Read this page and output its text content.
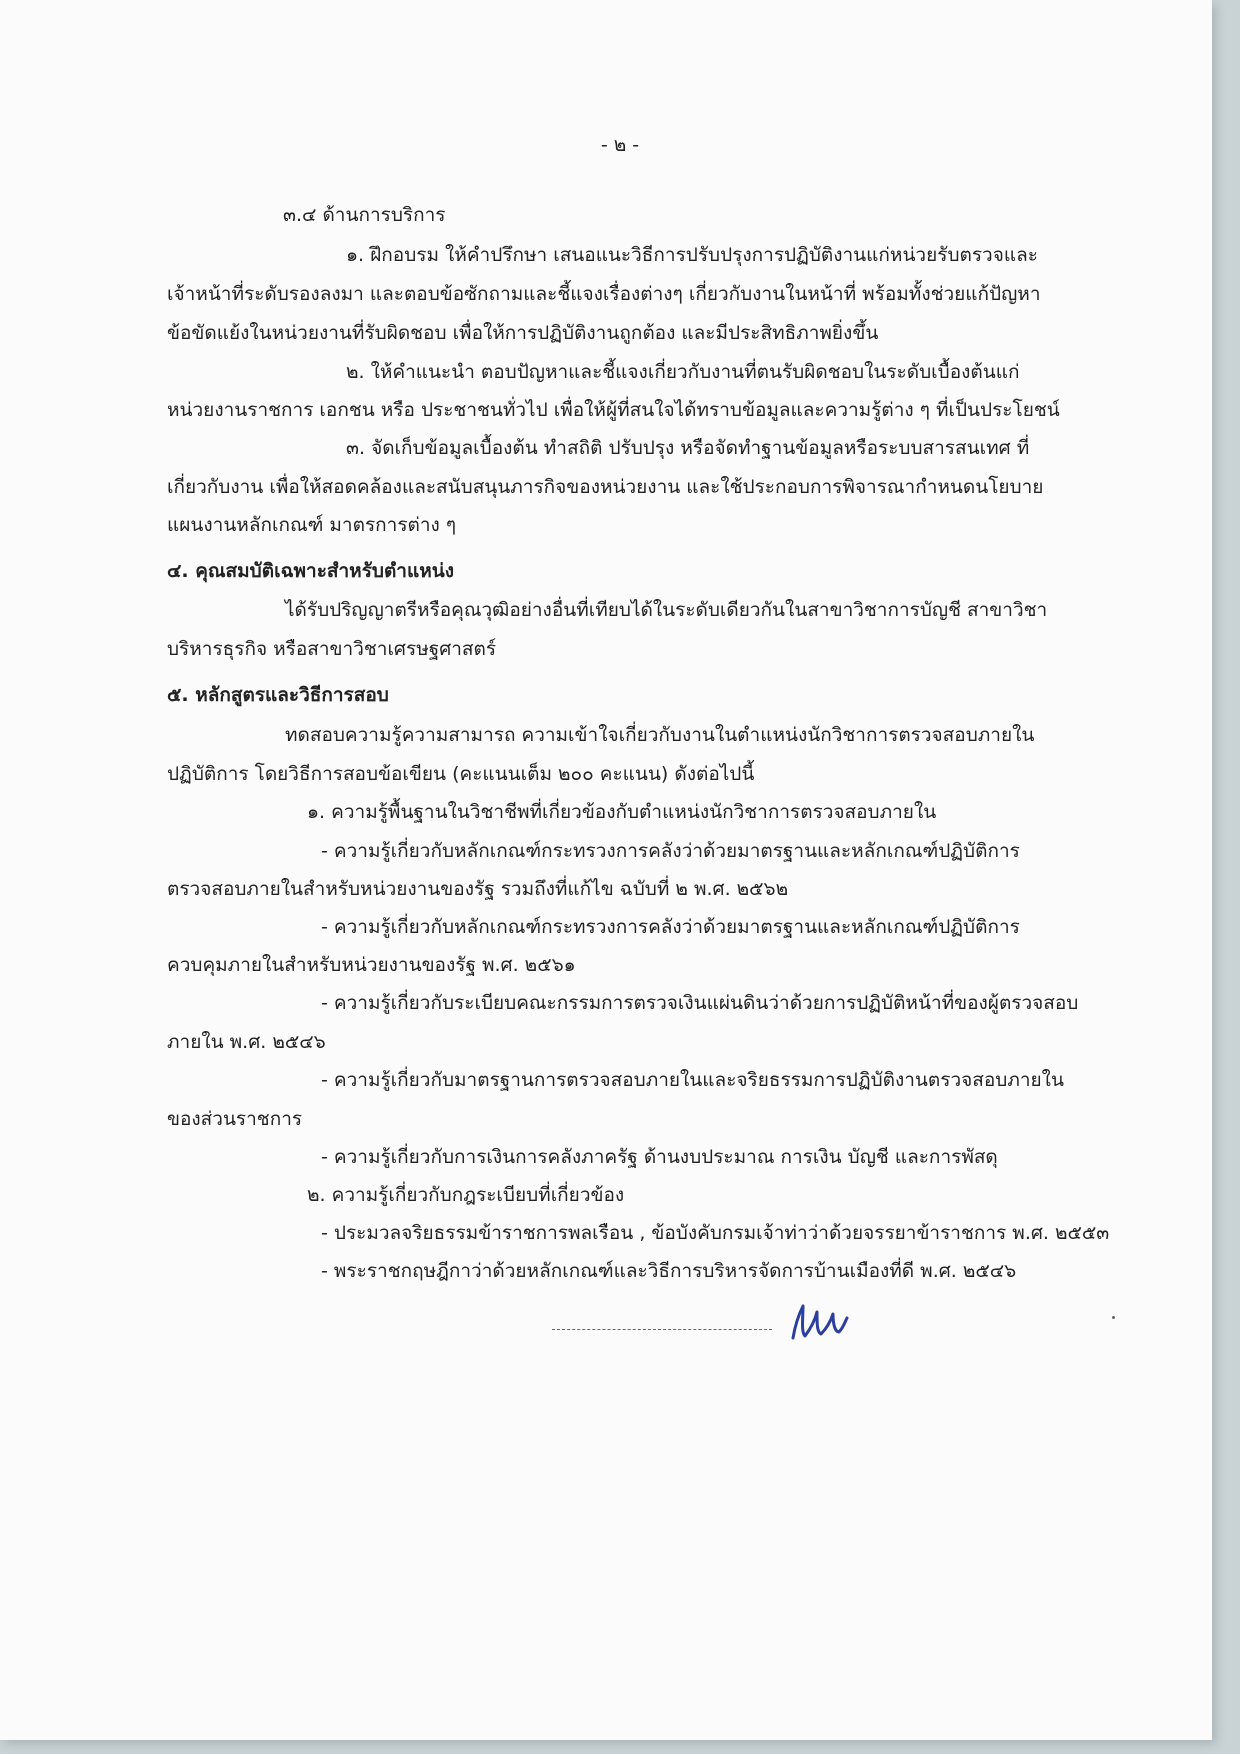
- ๒ -
๓.๔ ด้านการบริการ
๑. ฝึกอบรม ให้คำปรึกษา เสนอแนะวิธีการปรับปรุงการปฏิบัติงานแก่หน่วยรับตรวจและ
เจ้าหน้าที่ระดับรองลงมา และตอบข้อซักถามและชี้แจงเรื่องต่างๆ เกี่ยวกับงานในหน้าที่ พร้อมทั้งช่วยแก้ปัญหา
ข้อขัดแย้งในหน่วยงานที่รับผิดชอบ เพื่อให้การปฏิบัติงานถูกต้อง และมีประสิทธิภาพยิ่งขึ้น
๒. ให้คำแนะนำ ตอบปัญหาและชี้แจงเกี่ยวกับงานที่ตนรับผิดชอบในระดับเบื้องต้นแก่
หน่วยงานราชการ เอกชน หรือ ประชาชนทั่วไป เพื่อให้ผู้ที่สนใจได้ทราบข้อมูลและความรู้ต่าง ๆ ที่เป็นประโยชน์
๓. จัดเก็บข้อมูลเบื้องต้น ทำสถิติ ปรับปรุง หรือจัดทำฐานข้อมูลหรือระบบสารสนเทศ ที่
เกี่ยวกับงาน เพื่อให้สอดคล้องและสนับสนุนภารกิจของหน่วยงาน และใช้ประกอบการพิจารณากำหนดนโยบาย
แผนงานหลักเกณฑ์ มาตรการต่าง ๆ
๔. คุณสมบัติเฉพาะสำหรับตำแหน่ง
ได้รับปริญญาตรีหรือคุณวุฒิอย่างอื่นที่เทียบได้ในระดับเดียวกันในสาขาวิชาการบัญชี สาขาวิชา
บริหารธุรกิจ หรือสาขาวิชาเศรษฐศาสตร์
๕. หลักสูตรและวิธีการสอบ
ทดสอบความรู้ความสามารถ ความเข้าใจเกี่ยวกับงานในตำแหน่งนักวิชาการตรวจสอบภายใน
ปฏิบัติการ โดยวิธีการสอบข้อเขียน (คะแนนเต็ม ๒๐๐ คะแนน) ดังต่อไปนี้
๑. ความรู้พื้นฐานในวิชาชีพที่เกี่ยวข้องกับตำแหน่งนักวิชาการตรวจสอบภายใน
- ความรู้เกี่ยวกับหลักเกณฑ์กระทรวงการคลังว่าด้วยมาตรฐานและหลักเกณฑ์ปฏิบัติการ
ตรวจสอบภายในสำหรับหน่วยงานของรัฐ รวมถึงที่แก้ไข ฉบับที่ ๒ พ.ศ. ๒๕๖๒
- ความรู้เกี่ยวกับหลักเกณฑ์กระทรวงการคลังว่าด้วยมาตรฐานและหลักเกณฑ์ปฏิบัติการ
ควบคุมภายในสำหรับหน่วยงานของรัฐ พ.ศ. ๒๕๖๑
- ความรู้เกี่ยวกับระเบียบคณะกรรมการตรวจเงินแผ่นดินว่าด้วยการปฏิบัติหน้าที่ของผู้ตรวจสอบ
ภายใน พ.ศ. ๒๕๔๖
- ความรู้เกี่ยวกับมาตรฐานการตรวจสอบภายในและจริยธรรมการปฏิบัติงานตรวจสอบภายใน
ของส่วนราชการ
- ความรู้เกี่ยวกับการเงินการคลังภาครัฐ ด้านงบประมาณ การเงิน บัญชี และการพัสดุ
๒. ความรู้เกี่ยวกับกฎระเบียบที่เกี่ยวข้อง
- ประมวลจริยธรรมข้าราชการพลเรือน , ข้อบังคับกรมเจ้าท่าว่าด้วยจรรยาข้าราชการ พ.ศ. ๒๕๕๓
- พระราชกฤษฎีกาว่าด้วยหลักเกณฑ์และวิธีการบริหารจัดการบ้านเมืองที่ดี พ.ศ. ๒๕๔๖
